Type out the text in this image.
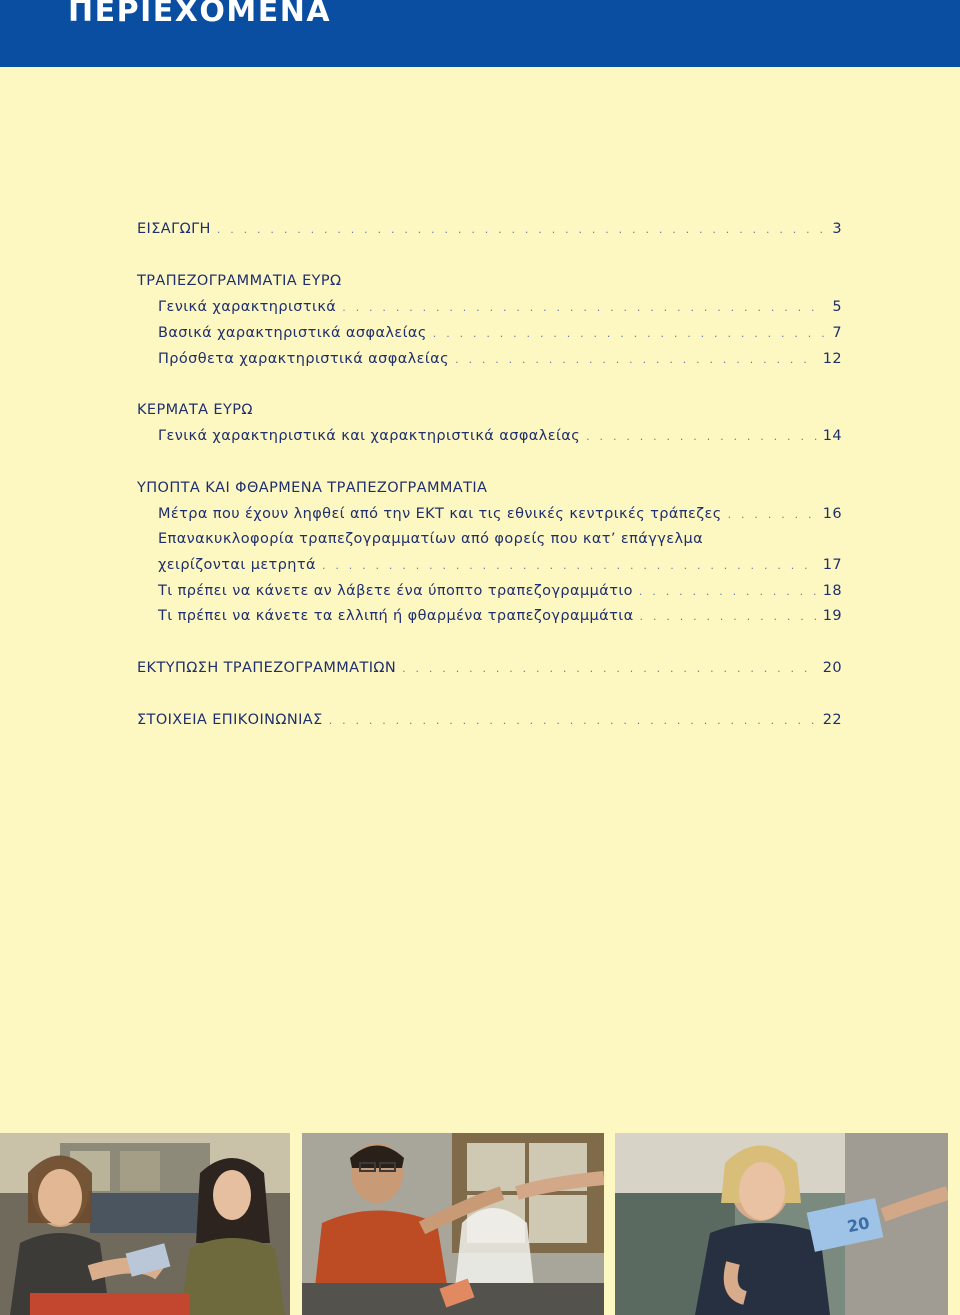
ΠΕΡΙΕΧΟΜΕΝΑ
ΕΙΣΑΓΩΓΗ . . .	3
ΤΡΑΠΕΖΟΓΡΑΜΜΑΤΙΑ ΕΥΡΩ
Γενικά χαρακτηριστικά . . .	5
Βασικά χαρακτηριστικά ασφαλείας . . .	7
Πρόσθετα χαρακτηριστικά ασφαλείας . . .	12
ΚΕΡΜΑΤΑ ΕΥΡΩ
Γενικά χαρακτηριστικά και χαρακτηριστικά ασφαλείας . . .	14
ΥΠΟΠΤΑ ΚΑΙ ΦΘΑΡΜΕΝΑ ΤΡΑΠΕΖΟΓΡΑΜΜΑΤΙΑ
Μέτρα που έχουν ληφθεί από την ΕΚΤ και τις εθνικές κεντρικές τράπεζες . . .	16
Επανακυκλοφορία τραπεζογραμματίων από φορείς που κατ’ επάγγελμα
χειρίζονται μετρητά . . .	17
Τι πρέπει να κάνετε αν λάβετε ένα ύποπτο τραπεζογραμμάτιο . . .	18
Τι πρέπει να κάνετε τα ελλιπή ή φθαρμένα τραπεζογραμμάτια . . .	19
ΕΚΤΥΠΩΣΗ ΤΡΑΠΕΖΟΓΡΑΜΜΑΤΙΩΝ . . .	20
ΣΤΟΙΧΕΙΑ ΕΠΙΚΟΙΝΩΝΙΑΣ . . .	22
20
